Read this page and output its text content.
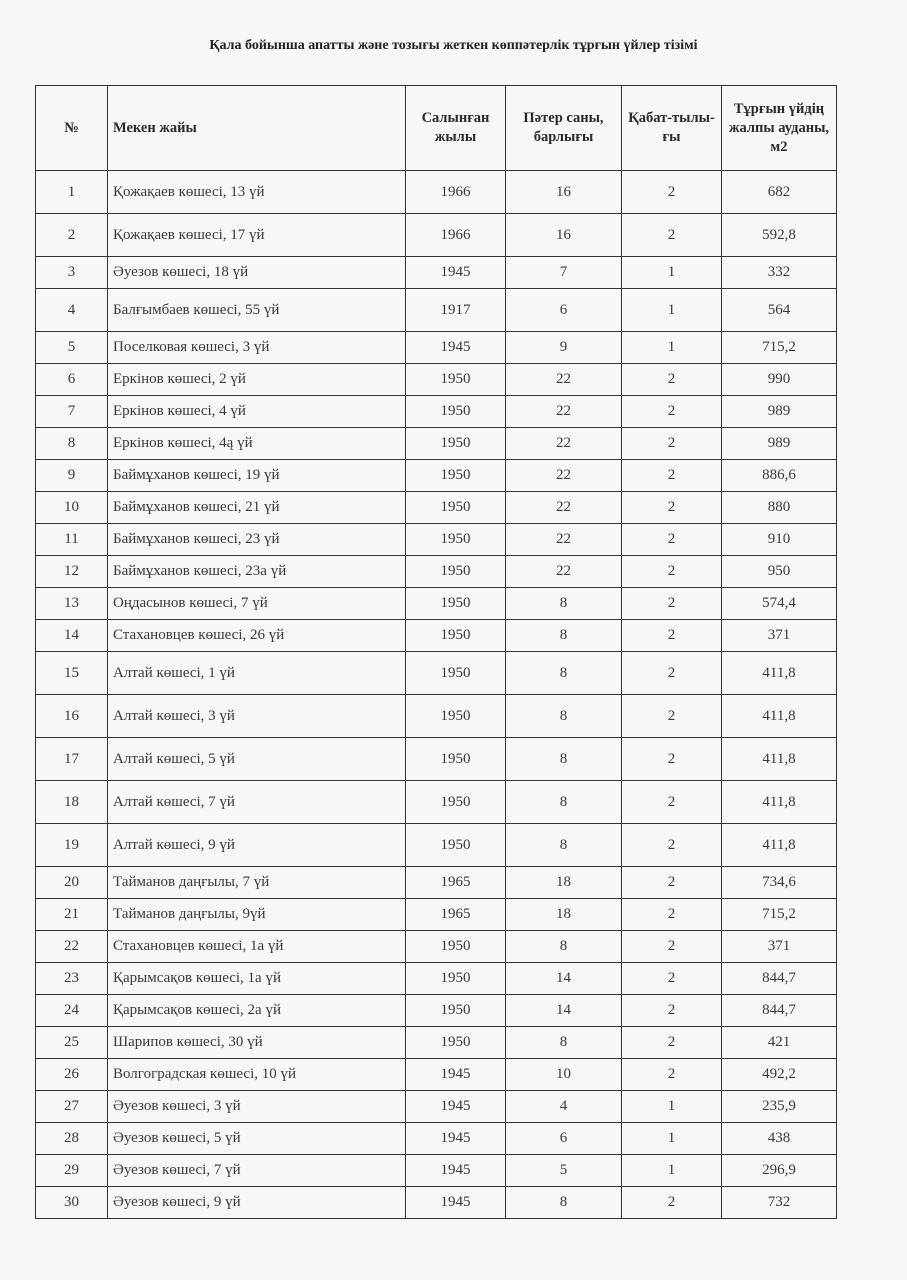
Қала бойынша апатты және тозығы жеткен көппәтерлік тұрғын үйлер тізімі
№	Мекен жайы	Салынған жылы	Пәтер саны, барлығы	Қабат-тылы-ғы	Тұрғын үйдің жалпы ауданы, м2
1	Қожақаев көшесі, 13 үй	1966	16	2	682
2	Қожақаев көшесі, 17 үй	1966	16	2	592,8
3	Әуезов көшесі, 18 үй	1945	7	1	332
4	Балғымбаев көшесі, 55 үй	1917	6	1	564
5	Поселковая көшесі, 3 үй	1945	9	1	715,2
6	Еркінов көшесі, 2 үй	1950	22	2	990
7	Еркінов көшесі, 4 үй	1950	22	2	989
8	Еркінов көшесі, 4ą үй	1950	22	2	989
9	Баймұханов көшесі, 19 үй	1950	22	2	886,6
10	Баймұханов көшесі, 21 үй	1950	22	2	880
11	Баймұханов көшесі, 23 үй	1950	22	2	910
12	Баймұханов көшесі, 23а үй	1950	22	2	950
13	Оңдасынов көшесі, 7 үй	1950	8	2	574,4
14	Стахановцев көшесі, 26 үй	1950	8	2	371
15	Алтай көшесі, 1 үй	1950	8	2	411,8
16	Алтай көшесі, 3 үй	1950	8	2	411,8
17	Алтай көшесі, 5 үй	1950	8	2	411,8
18	Алтай көшесі, 7 үй	1950	8	2	411,8
19	Алтай көшесі, 9 үй	1950	8	2	411,8
20	Тайманов даңғылы, 7 үй	1965	18	2	734,6
21	Тайманов даңғылы, 9үй	1965	18	2	715,2
22	Стахановцев көшесі, 1а үй	1950	8	2	371
23	Қарымсақов көшесі, 1а үй	1950	14	2	844,7
24	Қарымсақов көшесі, 2а үй	1950	14	2	844,7
25	Шарипов көшесі, 30 үй	1950	8	2	421
26	Волгоградская көшесі, 10 үй	1945	10	2	492,2
27	Әуезов көшесі, 3 үй	1945	4	1	235,9
28	Әуезов көшесі, 5 үй	1945	6	1	438
29	Әуезов көшесі, 7 үй	1945	5	1	296,9
30	Әуезов көшесі, 9 үй	1945	8	2	732
